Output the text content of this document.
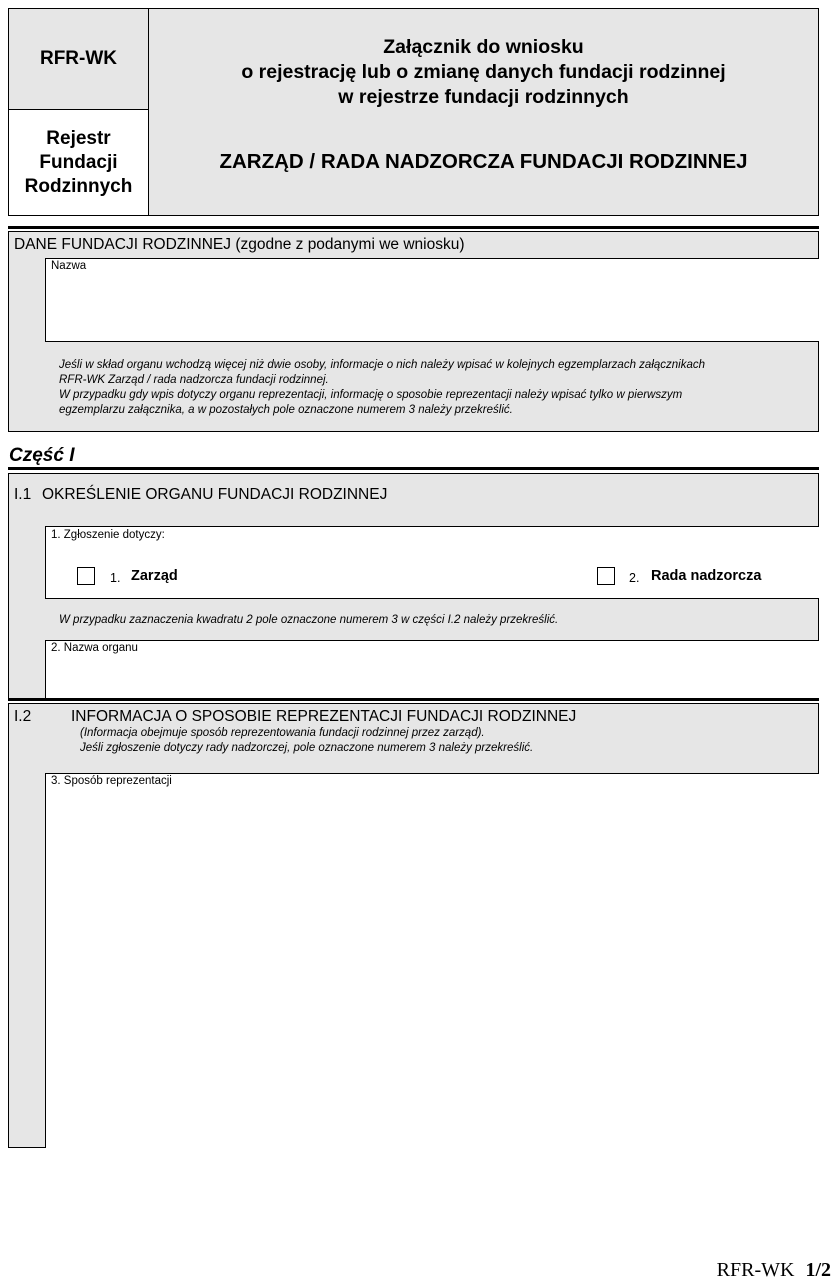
RFR-WK
Rejestr
Fundacji
Rodzinnych
Załącznik do wniosku
o rejestrację lub o zmianę danych fundacji rodzinnej
w rejestrze fundacji rodzinnych
ZARZĄD / RADA NADZORCZA FUNDACJI RODZINNEJ
DANE FUNDACJI RODZINNEJ (zgodne z podanymi we wniosku)
Nazwa
Jeśli w skład organu wchodzą więcej niż dwie osoby, informacje o nich należy wpisać w kolejnych egzemplarzach załącznikach
RFR-WK Zarząd / rada nadzorcza fundacji rodzinnej.
W przypadku gdy wpis dotyczy organu reprezentacji, informację o sposobie reprezentacji należy wpisać tylko w pierwszym
egzemplarzu załącznika, a w pozostałych pole oznaczone numerem 3 należy przekreślić.
Część I
I.1 OKREŚLENIE ORGANU FUNDACJI RODZINNEJ
1. Zgłoszenie dotyczy:
1. Zarząd	2. Rada nadzorcza
W przypadku zaznaczenia kwadratu 2 pole oznaczone numerem 3 w części I.2 należy przekreślić.
2. Nazwa organu
I.2	INFORMACJA O SPOSOBIE REPREZENTACJI FUNDACJI RODZINNEJ
(Informacja obejmuje sposób reprezentowania fundacji rodzinnej przez zarząd).
Jeśli zgłoszenie dotyczy rady nadzorczej, pole oznaczone numerem 3 należy przekreślić.
3. Sposób reprezentacji
RFR-WK 1/2
